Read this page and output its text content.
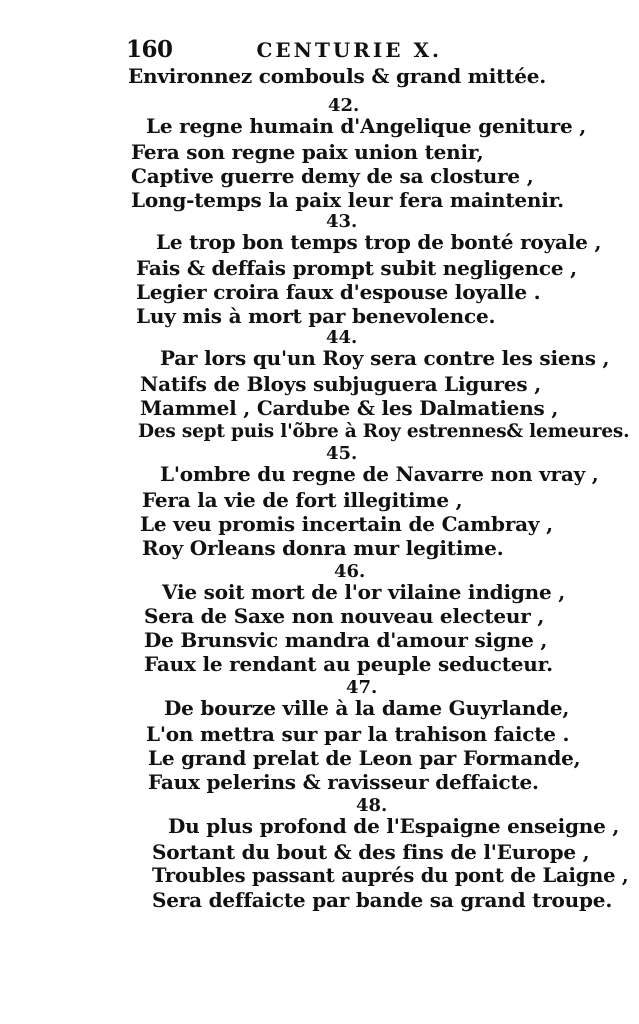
160	CENTURIE X.
Environnez combouls & grand mittée.
42.
Le regne humain d'Angelique geniture ,
Fera son regne paix union tenir,
Captive guerre demy de sa closture ,
Long-temps la paix leur fera maintenir.
43.
Le trop bon temps trop de bonté royale ,
Fais & deffais prompt subit negligence ,
Legier croira faux d'espouse loyalle .
Luy mis à mort par benevolence.
44.
Par lors qu'un Roy sera contre les siens ,
Natifs de Bloys subjuguera Ligures ,
Mammel , Cardube & les Dalmatiens ,
Des sept puis l'õbre à Roy estrennes& lemeures.
45.
L'ombre du regne de Navarre non vray ,
Fera la vie de fort illegitime ,
Le veu promis incertain de Cambray ,
Roy Orleans donra mur legitime.
46.
Vie soit mort de l'or vilaine indigne ,
Sera de Saxe non nouveau electeur ,
De Brunsvic mandra d'amour signe ,
Faux le rendant au peuple seducteur.
47.
De bourze ville à la dame Guyrlande,
L'on mettra sur par la trahison faicte .
Le grand prelat de Leon par Formande,
Faux pelerins & ravisseur deffaicte.
48.
Du plus profond de l'Espaigne enseigne ,
Sortant du bout & des fins de l'Europe ,
Troubles passant auprés du pont de Laigne ,
Sera deffaicte par bande sa grand troupe.
